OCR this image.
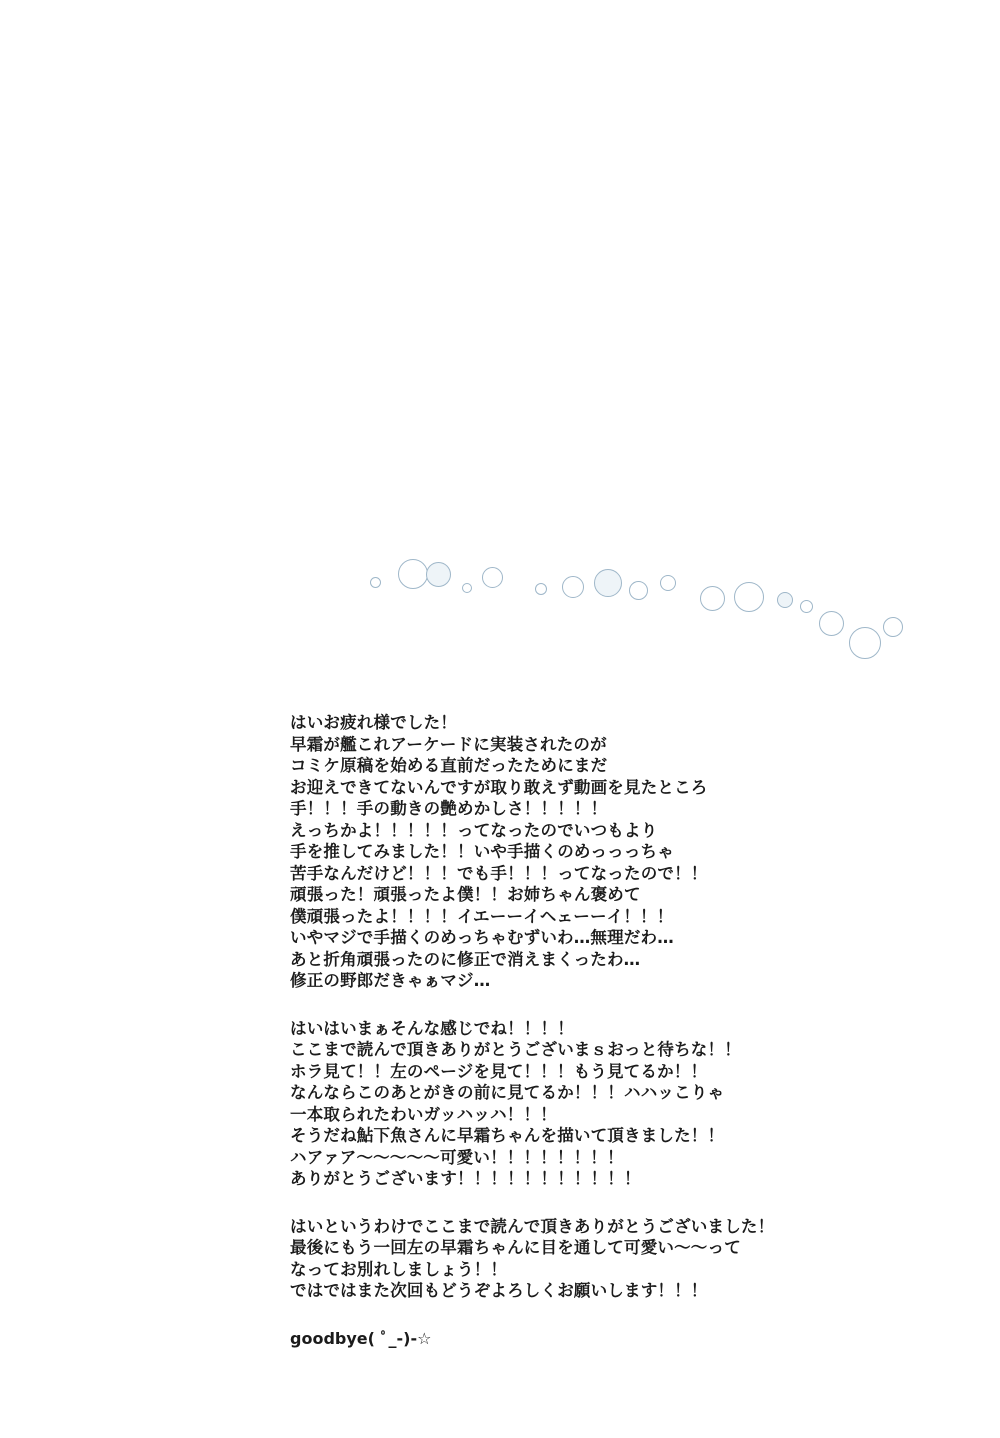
はいお疲れ様でした！
早霜が艦これアーケードに実装されたのが
コミケ原稿を始める直前だったためにまだ
お迎えできてないんですが取り敢えず動画を見たところ
手！！！手の動きの艶めかしさ！！！！！
えっちかよ！！！！！ってなったのでいつもより
手を推してみました！！いや手描くのめっっっちゃ
苦手なんだけど！！！でも手！！！ってなったので！！
頑張った！頑張ったよ僕！！お姉ちゃん褒めて
僕頑張ったよ！！！！イエーーイヘェーーイ！！！
いやマジで手描くのめっちゃむずいわ…無理だわ…
あと折角頑張ったのに修正で消えまくったわ…
修正の野郎だきゃぁマジ…
はいはいまぁそんな感じでね！！！！
ここまで読んで頂きありがとうございまｓおっと待ちな！！
ホラ見て！！左のページを見て！！！もう見てるか！！
なんならこのあとがきの前に見てるか！！！ハハッこりゃ
一本取られたわいガッハッハ！！！
そうだね鮎下魚さんに早霜ちゃんを描いて頂きました！！
ハアァア〜〜〜〜〜可愛い！！！！！！！！
ありがとうございます！！！！！！！！！！！
はいというわけでここまで読んで頂きありがとうございました！
最後にもう一回左の早霜ちゃんに目を通して可愛い〜〜って
なってお別れしましょう！！
ではではまた次回もどうぞよろしくお願いします！！！
goodbye( ﾟ_-)-☆
